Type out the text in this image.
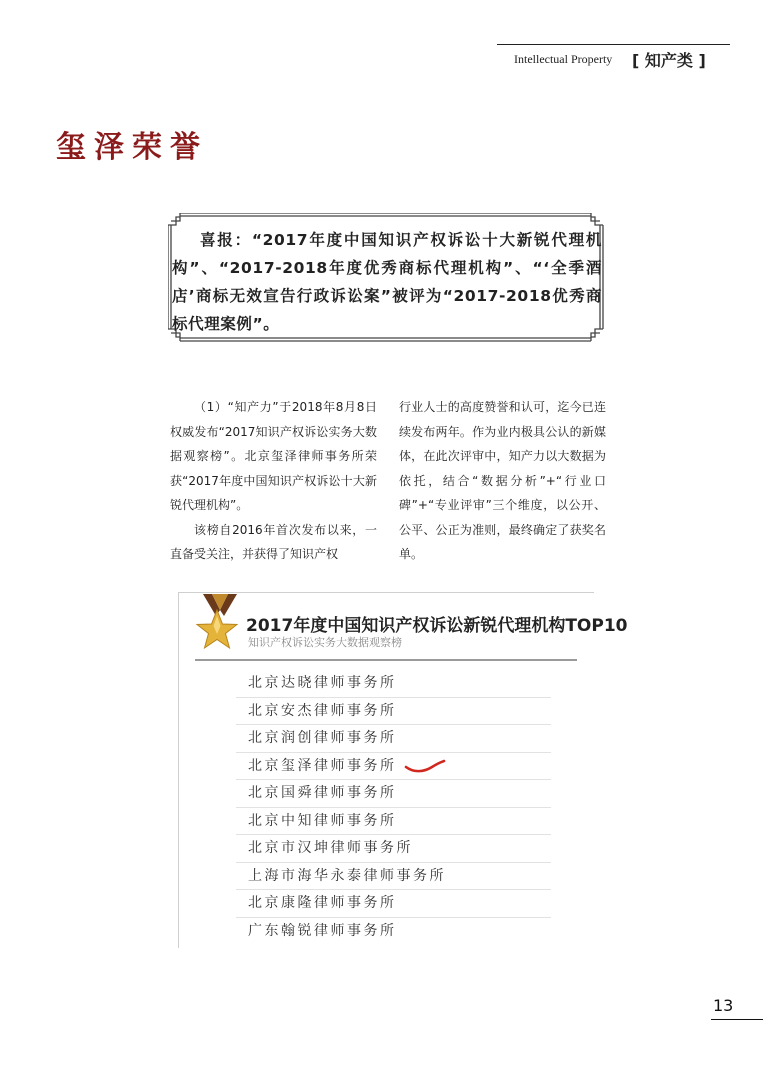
Intellectual Property [ 知产类 ]
玺泽荣誉
喜报：“2017年度中国知识产权诉讼十大新锐代理机构”、“2017-2018年度优秀商标代理机构”、“‘全季酒店’商标无效宣告行政诉讼案”被评为“2017-2018优秀商标代理案例”。

（1）“知产力”于2018年8月8日权威发布“2017知识产权诉讼实务大数据观察榜”。北京玺泽律师事务所荣获“2017年度中国知识产权诉讼十大新锐代理机构”。

该榜自2016年首次发布以来，一直备受关注，并获得了知识产权

行业人士的高度赞誉和认可，迄今已连续发布两年。作为业内极具公认的新媒体，在此次评审中，知产力以大数据为依托，结合“数据分析”+“行业口碑”+“专业评审”三个维度，以公开、公平、公正为准则，最终确定了获奖名单。

2017年度中国知识产权诉讼新锐代理机构TOP10
知识产权诉讼实务大数据观察榜
北京达晓律师事务所
北京安杰律师事务所
北京润创律师事务所
北京玺泽律师事务所
北京国舜律师事务所
北京中知律师事务所
北京市汉坤律师事务所
上海市海华永泰律师事务所
北京康隆律师事务所
广东翰锐律师事务所
13
